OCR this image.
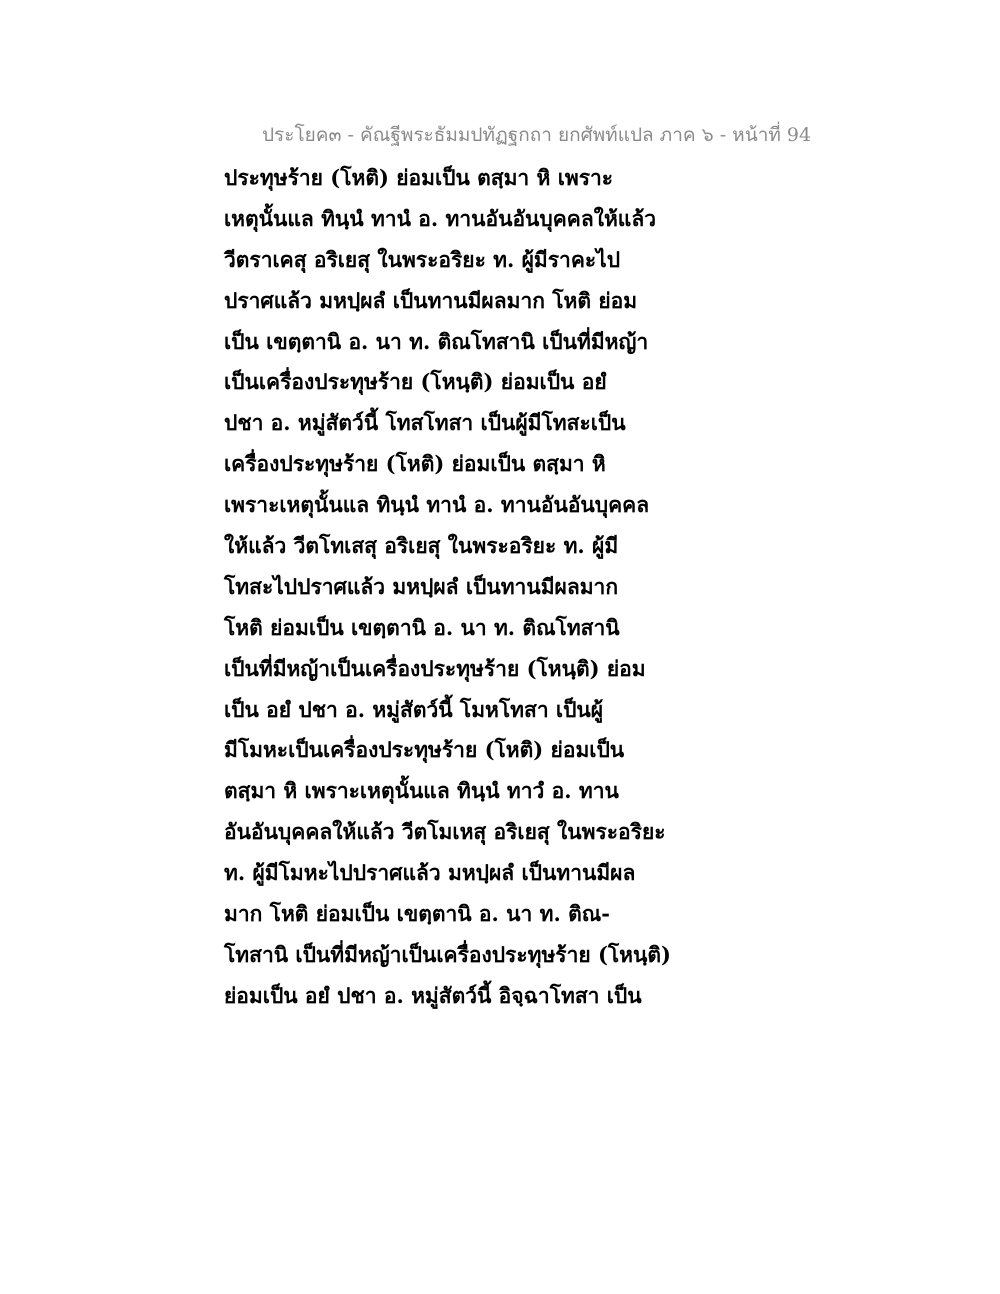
ประโยค๓ - คัณฐีพระธัมมปทัฏฐกถา ยกศัพท์แปล ภาค ๖ - หน้าที่ 94
ประทุษร้าย (โหติ) ย่อมเป็น ตสฺมา หิ เพราะ
เหตุนั้นแล ทินฺนํ ทานํ อ. ทานอันอันบุคคลให้แล้ว
วีตราเคสุ อริเยสุ ในพระอริยะ ท. ผู้มีราคะไป
ปราศแล้ว มหปฺผลํ เป็นทานมีผลมาก โหติ ย่อม
เป็น เขตฺตานิ อ. นา ท. ติณโทสานิ เป็นที่มีหญ้า
เป็นเครื่องประทุษร้าย (โหนฺติ) ย่อมเป็น อยํ
ปชา อ. หมู่สัตว์นี้ โทสโทสา เป็นผู้มีโทสะเป็น
เครื่องประทุษร้าย (โหติ) ย่อมเป็น ตสฺมา หิ
เพราะเหตุนั้นแล ทินฺนํ ทานํ อ. ทานอันอันบุคคล
ให้แล้ว วีตโทเสสุ อริเยสุ ในพระอริยะ ท. ผู้มี
โทสะไปปราศแล้ว มหปฺผลํ เป็นทานมีผลมาก
โหติ ย่อมเป็น เขตฺตานิ อ. นา ท. ติณโทสานิ
เป็นที่มีหญ้าเป็นเครื่องประทุษร้าย (โหนฺติ) ย่อม
เป็น อยํ ปชา อ. หมู่สัตว์นี้ โมหโทสา เป็นผู้
มีโมหะเป็นเครื่องประทุษร้าย (โหติ) ย่อมเป็น
ตสฺมา หิ เพราะเหตุนั้นแล ทินฺนํ ทาวํ อ. ทาน
อันอันบุคคลให้แล้ว วีตโมเหสุ อริเยสุ ในพระอริยะ
ท. ผู้มีโมหะไปปราศแล้ว มหปฺผลํ เป็นทานมีผล
มาก โหติ ย่อมเป็น เขตฺตานิ อ. นา ท. ติณ-
โทสานิ เป็นที่มีหญ้าเป็นเครื่องประทุษร้าย (โหนฺติ)
ย่อมเป็น อยํ ปชา อ. หมู่สัตว์นี้ อิจฺฉาโทสา เป็น
